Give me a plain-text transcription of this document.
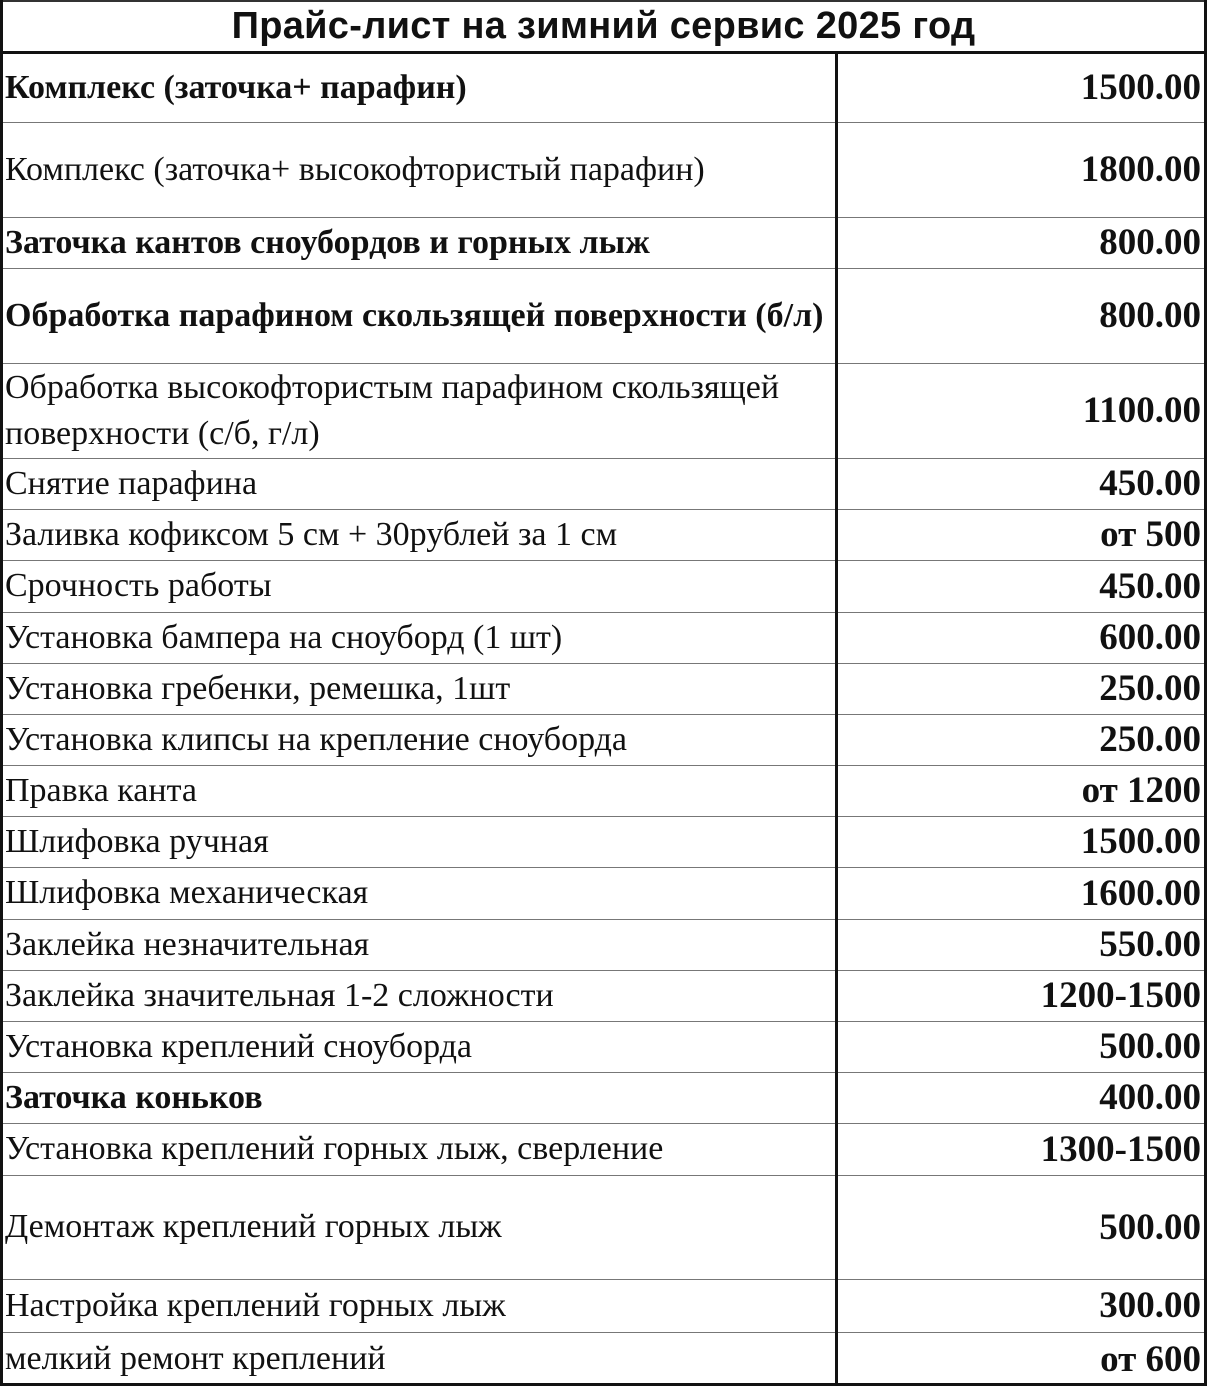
Прайс-лист на зимний сервис 2025 год
Комплекс (заточка+ парафин)	1500.00
Комплекс (заточка+ высокофтористый парафин)	1800.00
Заточка кантов сноубордов и горных лыж	800.00
Обработка парафином скользящей поверхности (б/л)	800.00
Обработка высокофтористым парафином скользящей поверхности (с/б, г/л)	1100.00
Снятие парафина	450.00
Заливка кофиксом 5 см + 30рублей за 1 см	от 500
Срочность работы	450.00
Установка бампера на сноуборд (1 шт)	600.00
Установка гребенки, ремешка, 1шт	250.00
Установка клипсы на крепление сноуборда	250.00
Правка канта	от 1200
Шлифовка ручная	1500.00
Шлифовка механическая	1600.00
Заклейка незначительная	550.00
Заклейка значительная 1-2 сложности	1200-1500
Установка креплений сноуборда	500.00
Заточка коньков	400.00
Установка креплений горных лыж, сверление	1300-1500
Демонтаж креплений горных лыж	500.00
Настройка креплений горных лыж	300.00
мелкий ремонт креплений	от 600
